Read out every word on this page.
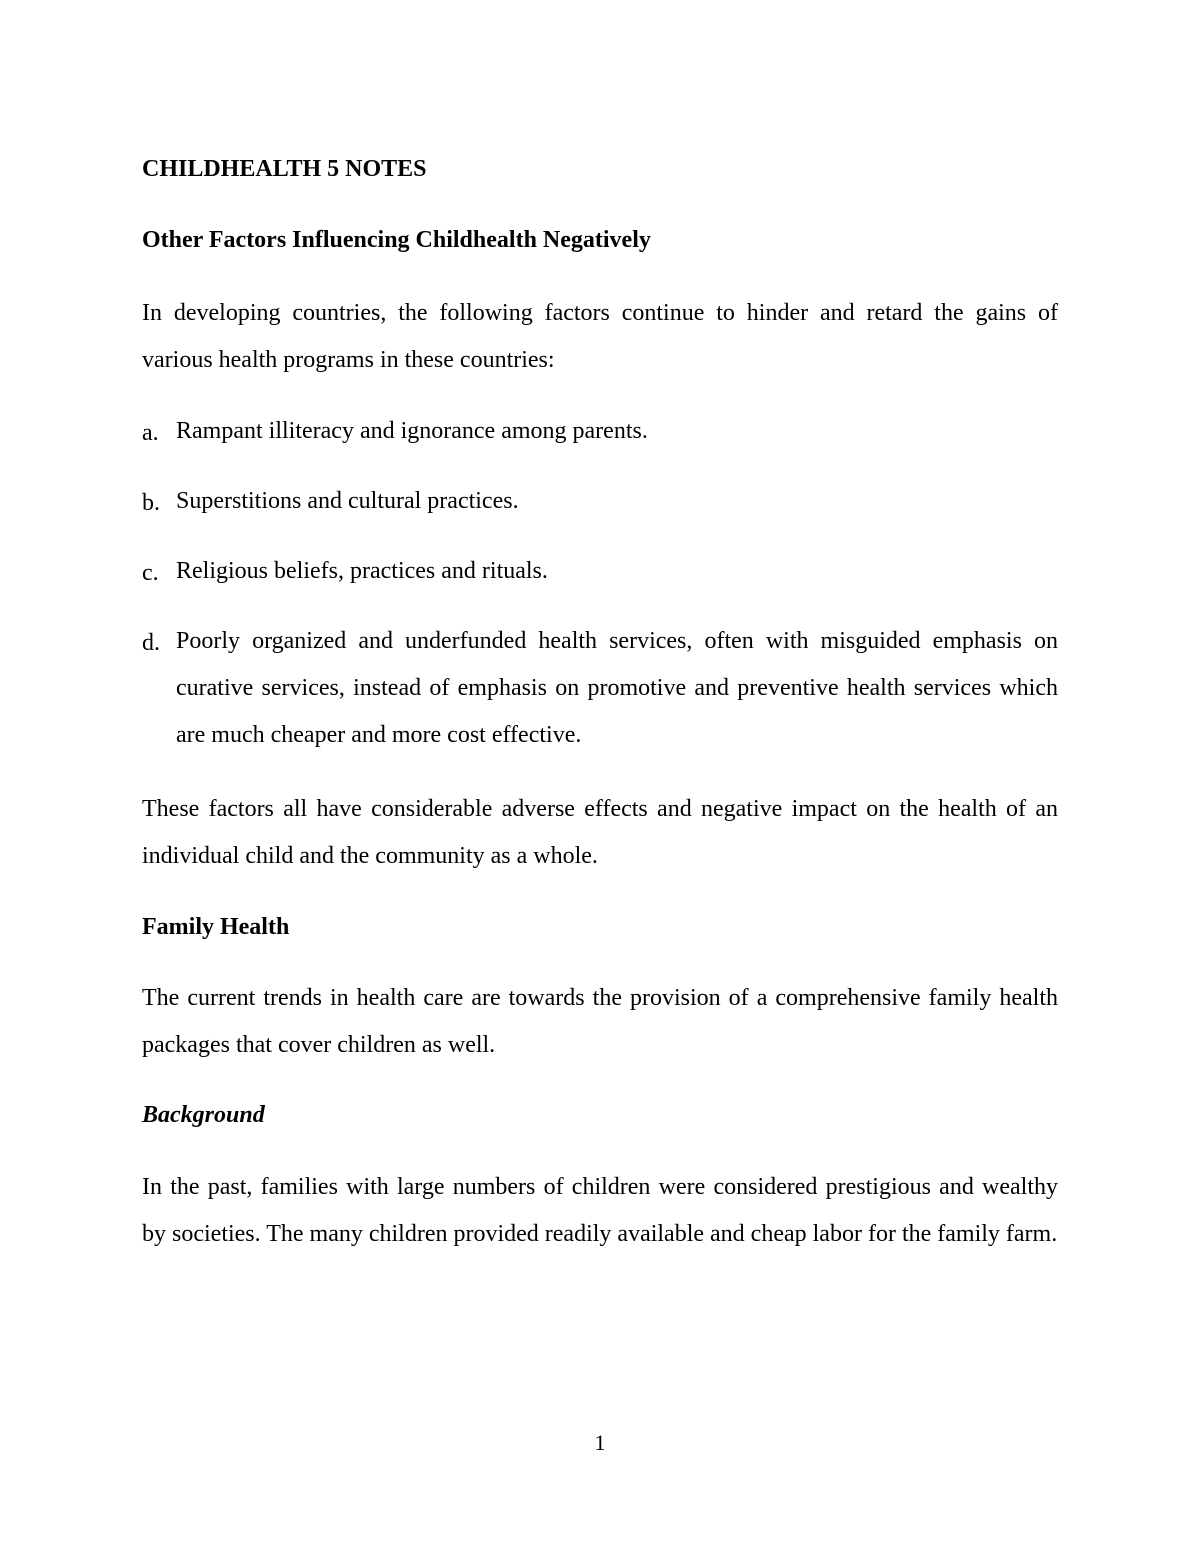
CHILDHEALTH 5 NOTES
Other Factors Influencing Childhealth Negatively

In developing countries, the following factors continue to hinder and retard the gains of various health programs in these countries:

a. Rampant illiteracy and ignorance among parents.
b. Superstitions and cultural practices.
c. Religious beliefs, practices and rituals.
d. Poorly organized and underfunded health services, often with misguided emphasis on curative services, instead of emphasis on promotive and preventive health services which are much cheaper and more cost effective.

These factors all have considerable adverse effects and negative impact on the health of an individual child and the community as a whole.

Family Health

The current trends in health care are towards the provision of a comprehensive family health packages that cover children as well.

Background

In the past, families with large numbers of children were considered prestigious and wealthy by societies. The many children provided readily available and cheap labor for the family farm.

1
